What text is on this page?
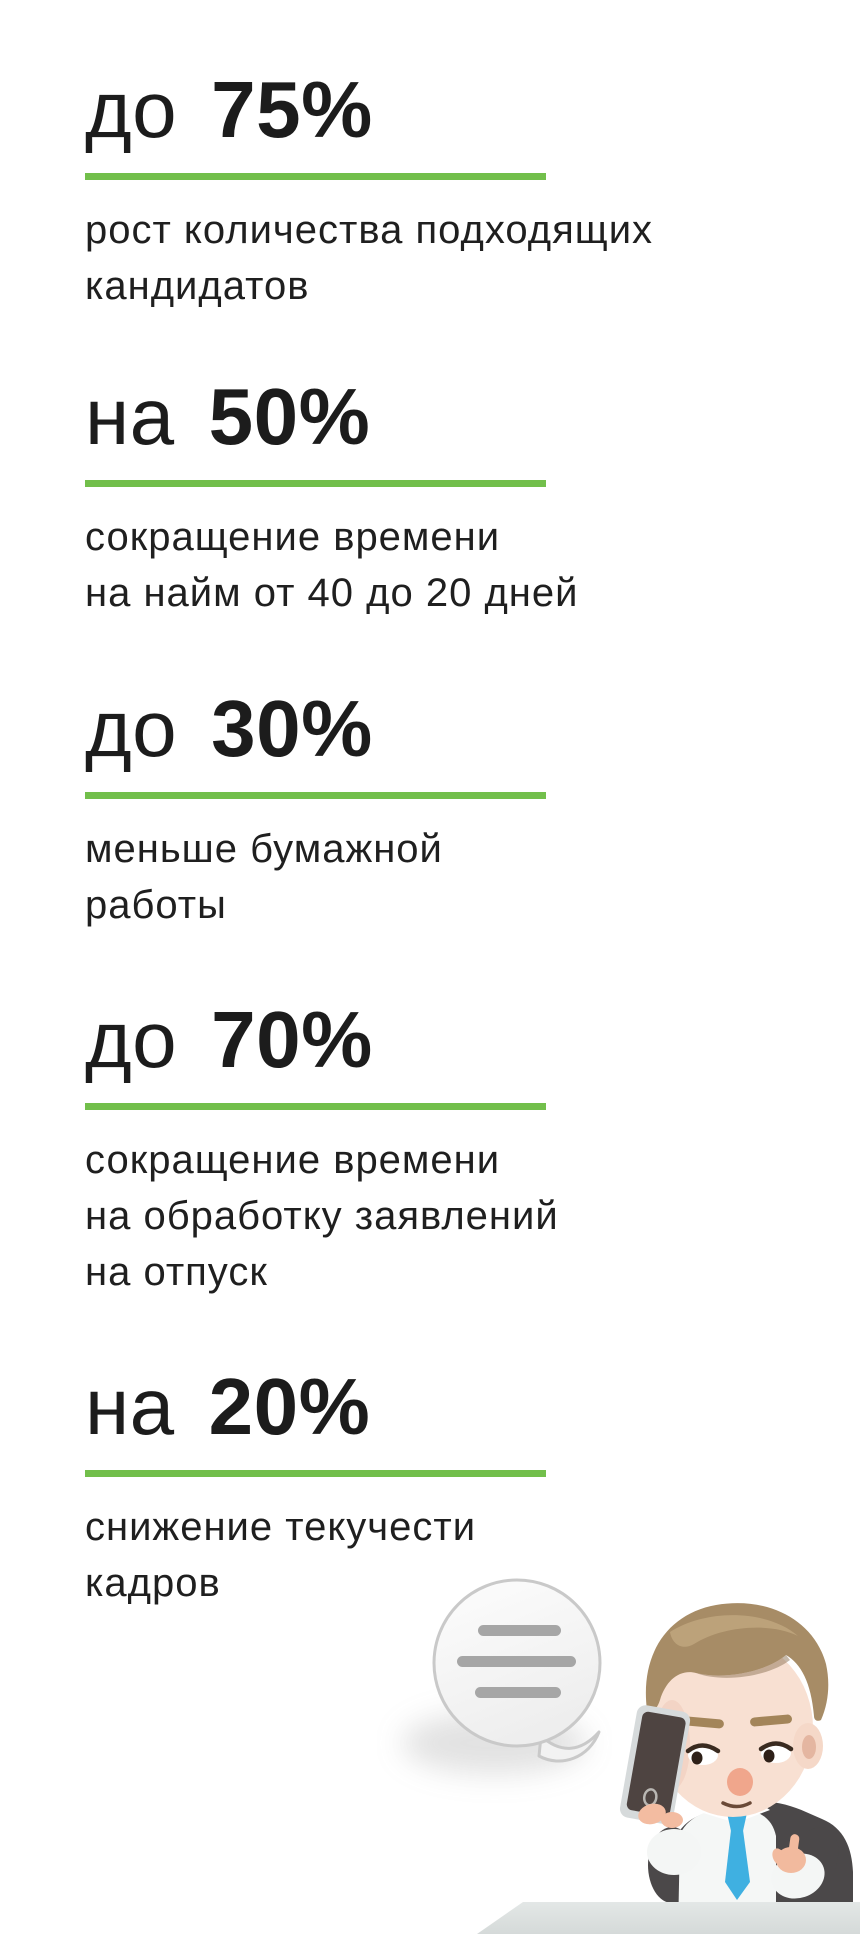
до 75%

рост количества подходящих
кандидатов

на 50%

сокращение времени
на найм от 40 до 20 дней

до 30%

меньше бумажной
работы

до 70%

сокращение времени
на обработку заявлений
на отпуск

на 20%

снижение текучести
кадров
